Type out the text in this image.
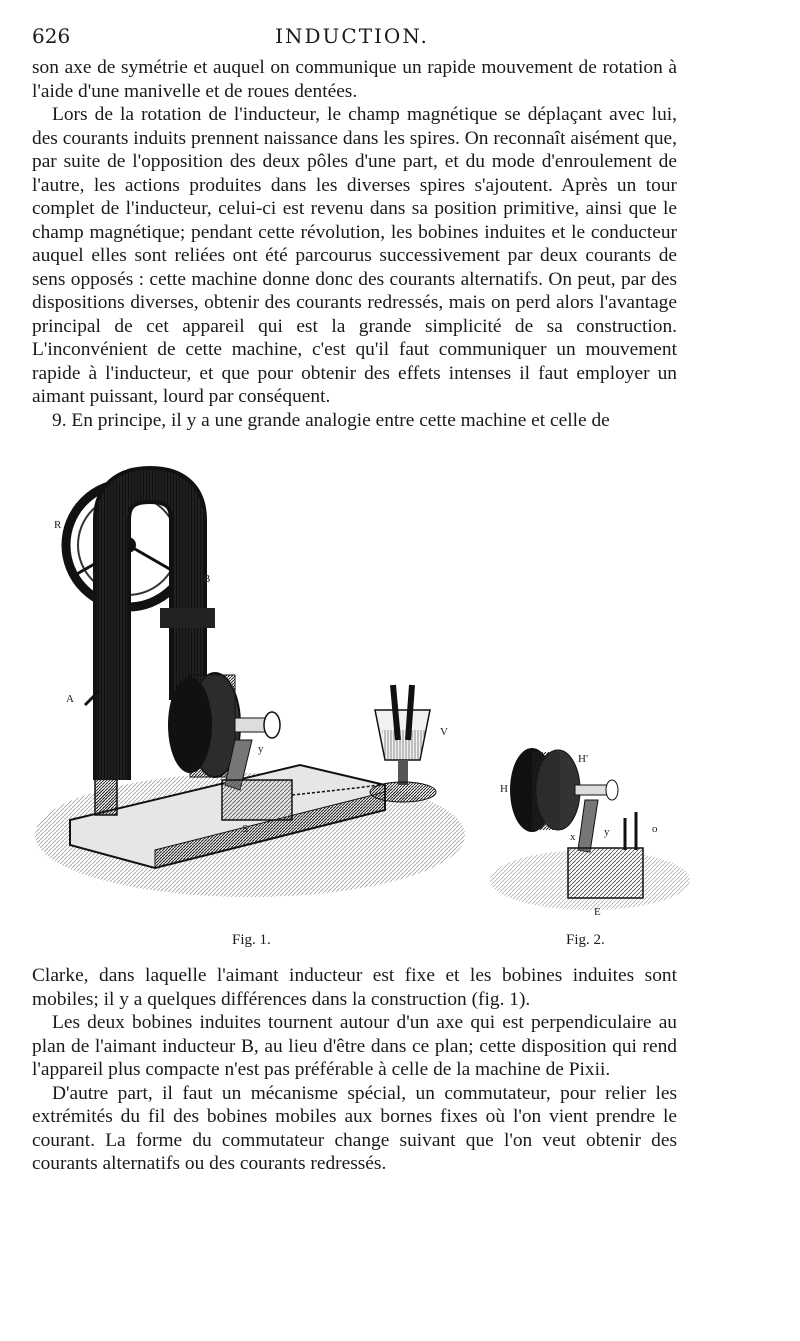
626	INDUCTION.

son axe de symétrie et auquel on communique un rapide mouvement de rotation à l'aide d'une manivelle et de roues dentées.

Lors de la rotation de l'inducteur, le champ magnétique se déplaçant avec lui, des courants induits prennent naissance dans les spires. On reconnaît aisément que, par suite de l'opposition des deux pôles d'une part, et du mode d'enroulement de l'autre, les actions produites dans les diverses spires s'ajoutent. Après un tour complet de l'inducteur, celui-ci est revenu dans sa position primitive, ainsi que le champ magnétique; pendant cette révolution, les bobines induites et le conducteur auquel elles sont reliées ont été parcourus successivement par deux courants de sens opposés : cette machine donne donc des courants alternatifs. On peut, par des dispositions diverses, obtenir des courants redressés, mais on perd alors l'avantage principal de cet appareil qui est la grande simplicité de sa construction. L'inconvénient de cette machine, c'est qu'il faut communiquer un mouvement rapide à l'inducteur, et que pour obtenir des effets intenses il faut employer un aimant puissant, lourd par conséquent.

9. En principe, il y a une grande analogie entre cette machine et celle de

R
P	B
A
y
V
S
H
H'
y	o
x
E
Fig. 1.	Fig. 2.

Clarke, dans laquelle l'aimant inducteur est fixe et les bobines induites sont mobiles; il y a quelques différences dans la construction (fig. 1).

Les deux bobines induites tournent autour d'un axe qui est perpendiculaire au plan de l'aimant inducteur B, au lieu d'être dans ce plan; cette disposition qui rend l'appareil plus compacte n'est pas préférable à celle de la machine de Pixii.

D'autre part, il faut un mécanisme spécial, un commutateur, pour relier les extrémités du fil des bobines mobiles aux bornes fixes où l'on vient prendre le courant. La forme du commutateur change suivant que l'on veut obtenir des courants alternatifs ou des courants redressés.
